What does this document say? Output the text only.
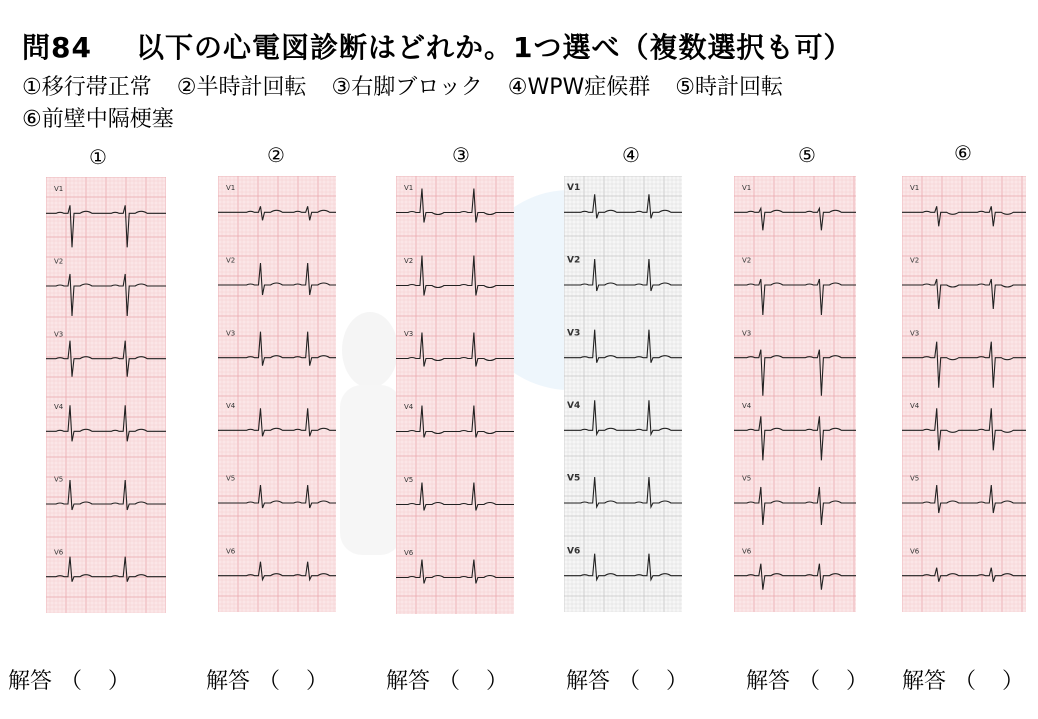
問84 以下の心電図診断はどれか。1つ選べ（複数選択も可）
①移行帯正常 ②半時計回転 ③右脚ブロック ④WPW症候群 ⑤時計回転
⑥前壁中隔梗塞
①	②	③	④	⑤	⑥
V1
V2
V3
V4
V5
V6
V1
V2
V3
V4
V5
V6
V1
V2
V3
V4
V5
V6
V1
V2
V3
V4
V5
V6
V1
V2
V3
V4
V5
V6
V1
V2
V3
V4
V5
V6
解答 （ ）	解答 （ ）	解答 （ ）	解答 （ ）	解答 （ ）	解答 （ ）
